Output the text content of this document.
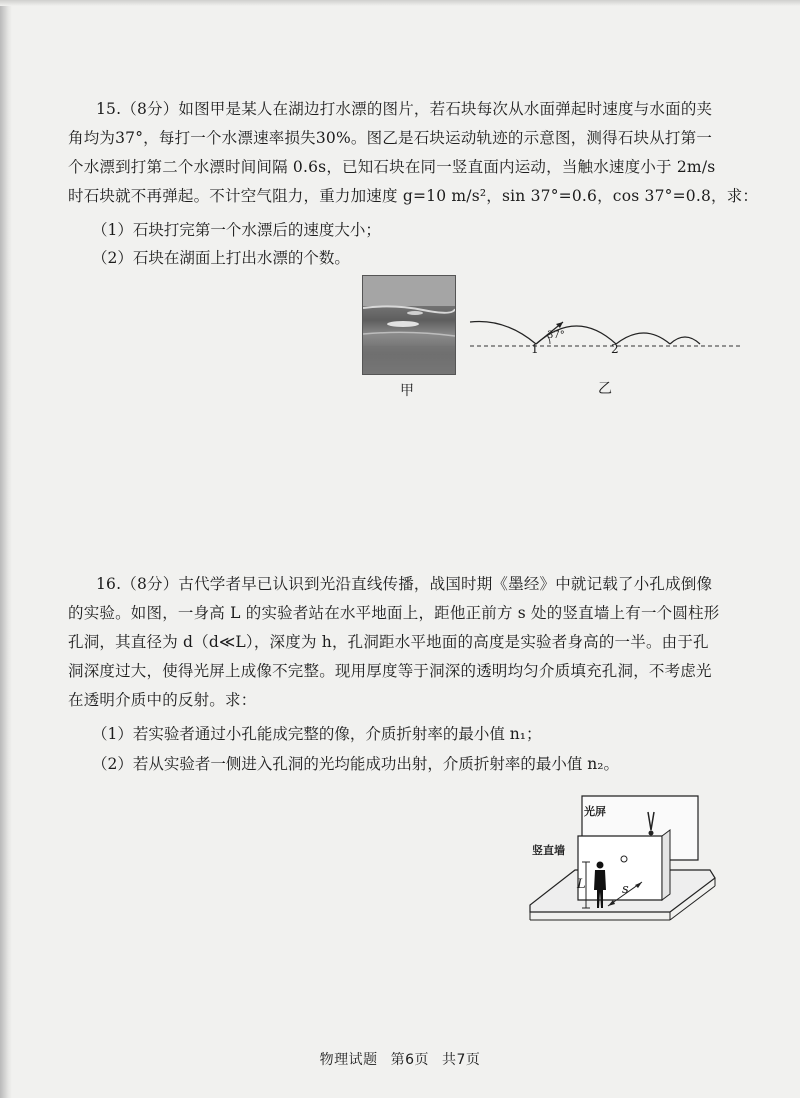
15.（8分）如图甲是某人在湖边打水漂的图片，若石块每次从水面弹起时速度与水面的夹
角均为37°，每打一个水漂速率损失30%。图乙是石块运动轨迹的示意图，测得石块从打第一
个水漂到打第二个水漂时间间隔 0.6s，已知石块在同一竖直面内运动，当触水速度小于 2m/s
时石块就不再弹起。不计空气阻力，重力加速度 g=10 m/s²，sin 37°=0.6，cos 37°=0.8，求：
（1）石块打完第一个水漂后的速度大小；
（2）石块在湖面上打出水漂的个数。
甲
37°
1	2
乙
16.（8分）古代学者早已认识到光沿直线传播，战国时期《墨经》中就记载了小孔成倒像
的实验。如图，一身高 L 的实验者站在水平地面上，距他正前方 s 处的竖直墙上有一个圆柱形
孔洞，其直径为 d（d≪L），深度为 h，孔洞距水平地面的高度是实验者身高的一半。由于孔
洞深度过大，使得光屏上成像不完整。现用厚度等于洞深的透明均匀介质填充孔洞，不考虑光
在透明介质中的反射。求：
（1）若实验者通过小孔能成完整的像，介质折射率的最小值 n₁；
（2）若从实验者一侧进入孔洞的光均能成功出射，介质折射率的最小值 n₂。
光屏
竖直墙
L	s
物理试题 第6页 共7页
